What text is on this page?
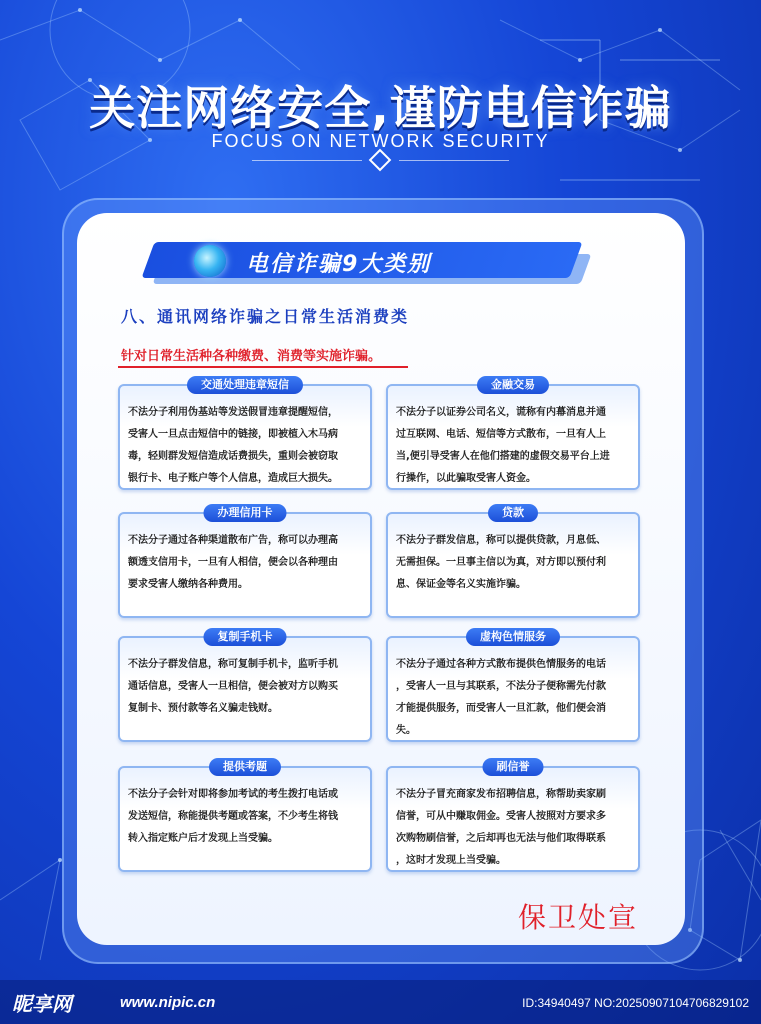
关注网络安全,谨防电信诈骗
FOCUS ON NETWORK SECURITY
电信诈骗9大类别
八、通讯网络诈骗之日常生活消费类
针对日常生活种各种缴费、消费等实施诈骗。
交通处理违章短信
不法分子利用伪基站等发送假冒违章提醒短信，
受害人一旦点击短信中的链接，即被植入木马病
毒，轻则群发短信造成话费损失，重则会被窃取
银行卡、电子账户等个人信息，造成巨大损失。
金融交易
不法分子以证券公司名义，谎称有内幕消息并通
过互联网、电话、短信等方式散布，一旦有人上
当,便引导受害人在他们搭建的虚假交易平台上进
行操作，以此骗取受害人资金。
办理信用卡
不法分子通过各种渠道散布广告，称可以办理高
额透支信用卡，一旦有人相信，便会以各种理由
要求受害人缴纳各种费用。
贷款
不法分子群发信息，称可以提供贷款，月息低、
无需担保。一旦事主信以为真，对方即以预付利
息、保证金等名义实施诈骗。
复制手机卡
不法分子群发信息，称可复制手机卡，监听手机
通话信息，受害人一旦相信，便会被对方以购买
复制卡、预付款等名义骗走钱财。
虚构色情服务
不法分子通过各种方式散布提供色情服务的电话
，受害人一旦与其联系，不法分子便称需先付款
才能提供服务，而受害人一旦汇款，他们便会消
失。
提供考题
不法分子会针对即将参加考试的考生拨打电话或
发送短信，称能提供考题或答案，不少考生将钱
转入指定账户后才发现上当受骗。
刷信誉
不法分子冒充商家发布招聘信息，称帮助卖家刷
信誉，可从中赚取佣金。受害人按照对方要求多
次购物刷信誉，之后却再也无法与他们取得联系
，这时才发现上当受骗。
保卫处宣
昵享网	www.nipic.cn	ID:34940497 NO:20250907104706829102
